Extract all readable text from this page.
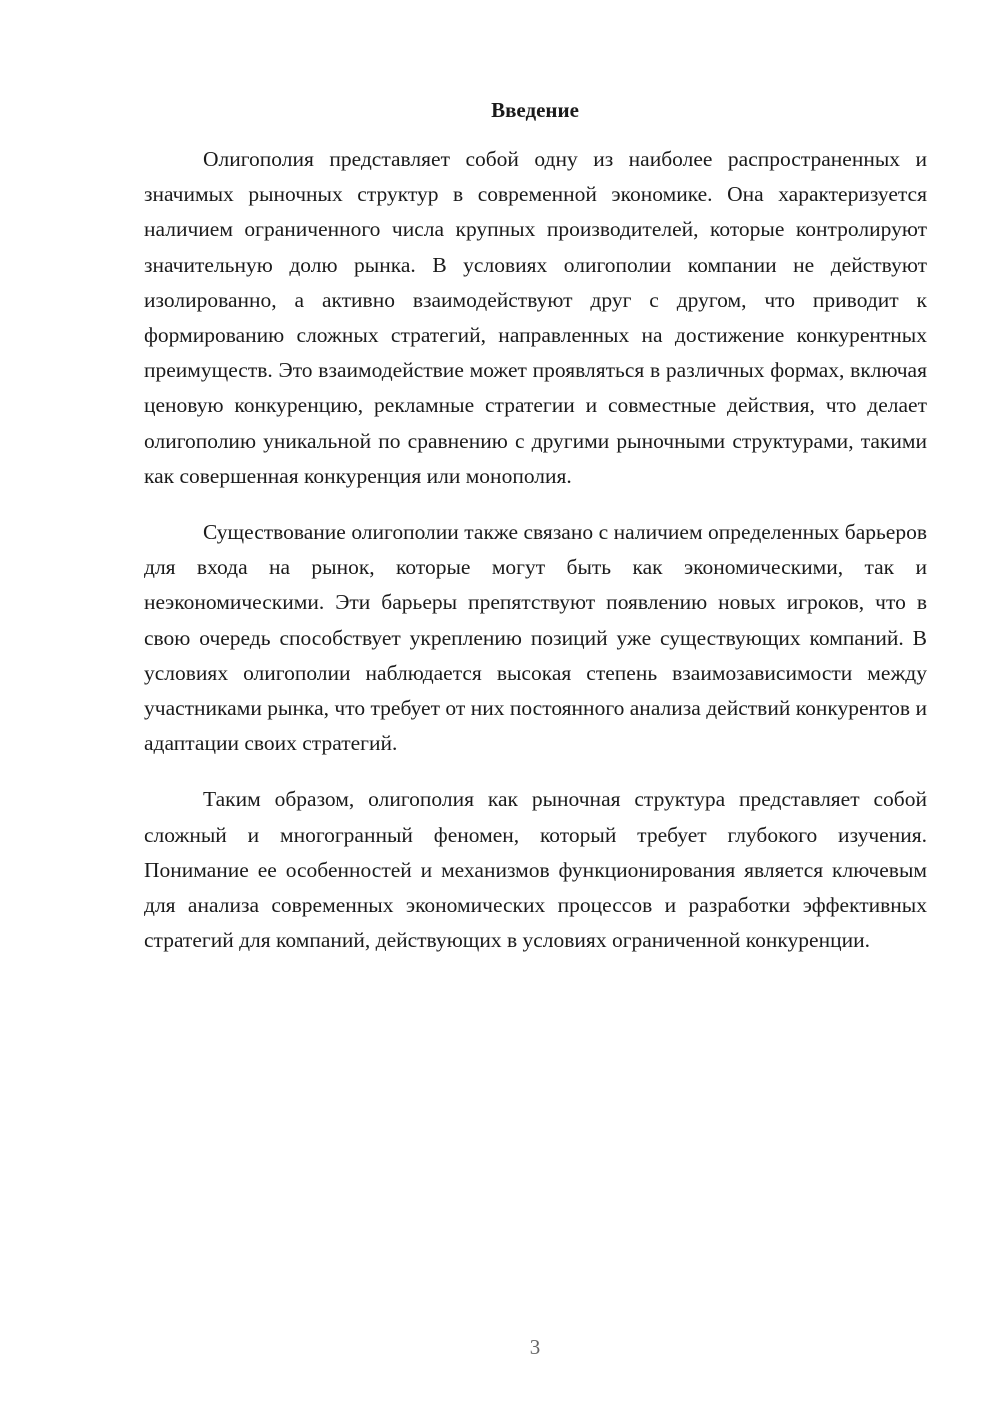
Введение

Олигополия представляет собой одну из наиболее распространенных и значимых рыночных структур в современной экономике. Она характеризуется наличием ограниченного числа крупных производителей, которые контролируют значительную долю рынка. В условиях олигополии компании не действуют изолированно, а активно взаимодействуют друг с другом, что приводит к формированию сложных стратегий, направленных на достижение конкурентных преимуществ. Это взаимодействие может проявляться в различных формах, включая ценовую конкуренцию, рекламные стратегии и совместные действия, что делает олигополию уникальной по сравнению с другими рыночными структурами, такими как совершенная конкуренция или монополия.

Существование олигополии также связано с наличием определенных барьеров для входа на рынок, которые могут быть как экономическими, так и неэкономическими. Эти барьеры препятствуют появлению новых игроков, что в свою очередь способствует укреплению позиций уже существующих компаний. В условиях олигополии наблюдается высокая степень взаимозависимости между участниками рынка, что требует от них постоянного анализа действий конкурентов и адаптации своих стратегий.

Таким образом, олигополия как рыночная структура представляет собой сложный и многогранный феномен, который требует глубокого изучения. Понимание ее особенностей и механизмов функционирования является ключевым для анализа современных экономических процессов и разработки эффективных стратегий для компаний, действующих в условиях ограниченной конкуренции.

3
